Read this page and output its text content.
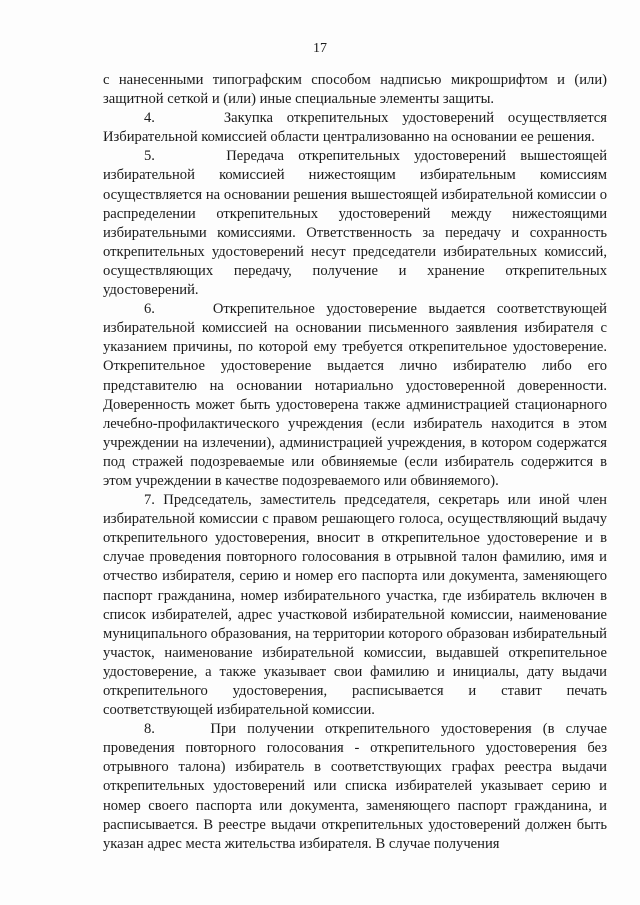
17

с нанесенными типографским способом надписью микрошрифтом и (или) защитной сеткой и (или) иные специальные элементы защиты.

4.     Закупка открепительных удостоверений осуществляется Избирательной комиссией области централизованно на основании ее решения.

5.     Передача открепительных удостоверений вышестоящей избирательной комиссией нижестоящим избирательным комиссиям осуществляется на основании решения вышестоящей избирательной комиссии о распределении открепительных удостоверений между нижестоящими избирательными комиссиями. Ответственность за передачу и сохранность открепительных удостоверений несут председатели избирательных комиссий, осуществляющих передачу, получение и хранение открепительных удостоверений.

6.     Открепительное удостоверение выдается соответствующей избирательной комиссией на основании письменного заявления избирателя с указанием причины, по которой ему требуется открепительное удостоверение. Открепительное удостоверение выдается лично избирателю либо его представителю на основании нотариально удостоверенной доверенности. Доверенность может быть удостоверена также администрацией стационарного лечебно-профилактического учреждения (если избиратель находится в этом учреждении на излечении), администрацией учреждения, в котором содержатся под стражей подозреваемые или обвиняемые (если избиратель содержится в этом учреждении в качестве подозреваемого или обвиняемого).

7. Председатель, заместитель председателя, секретарь или иной член избирательной комиссии с правом решающего голоса, осуществляющий выдачу открепительного удостоверения, вносит в открепительное удостоверение и в случае проведения повторного голосования в отрывной талон фамилию, имя и отчество избирателя, серию и номер его паспорта или документа, заменяющего паспорт гражданина, номер избирательного участка, где избиратель включен в список избирателей, адрес участковой избирательной комиссии, наименование муниципального образования, на территории которого образован избирательный участок, наименование избирательной комиссии, выдавшей открепительное удостоверение, а также указывает свои фамилию и инициалы, дату выдачи открепительного удостоверения, расписывается и ставит печать соответствующей избирательной комиссии.

8.     При получении открепительного удостоверения (в случае проведения повторного голосования - открепительного удостоверения без отрывного талона) избиратель в соответствующих графах реестра выдачи открепительных удостоверений или списка избирателей указывает серию и номер своего паспорта или документа, заменяющего паспорт гражданина, и расписывается. В реестре выдачи открепительных удостоверений должен быть указан адрес места жительства избирателя. В случае получения
